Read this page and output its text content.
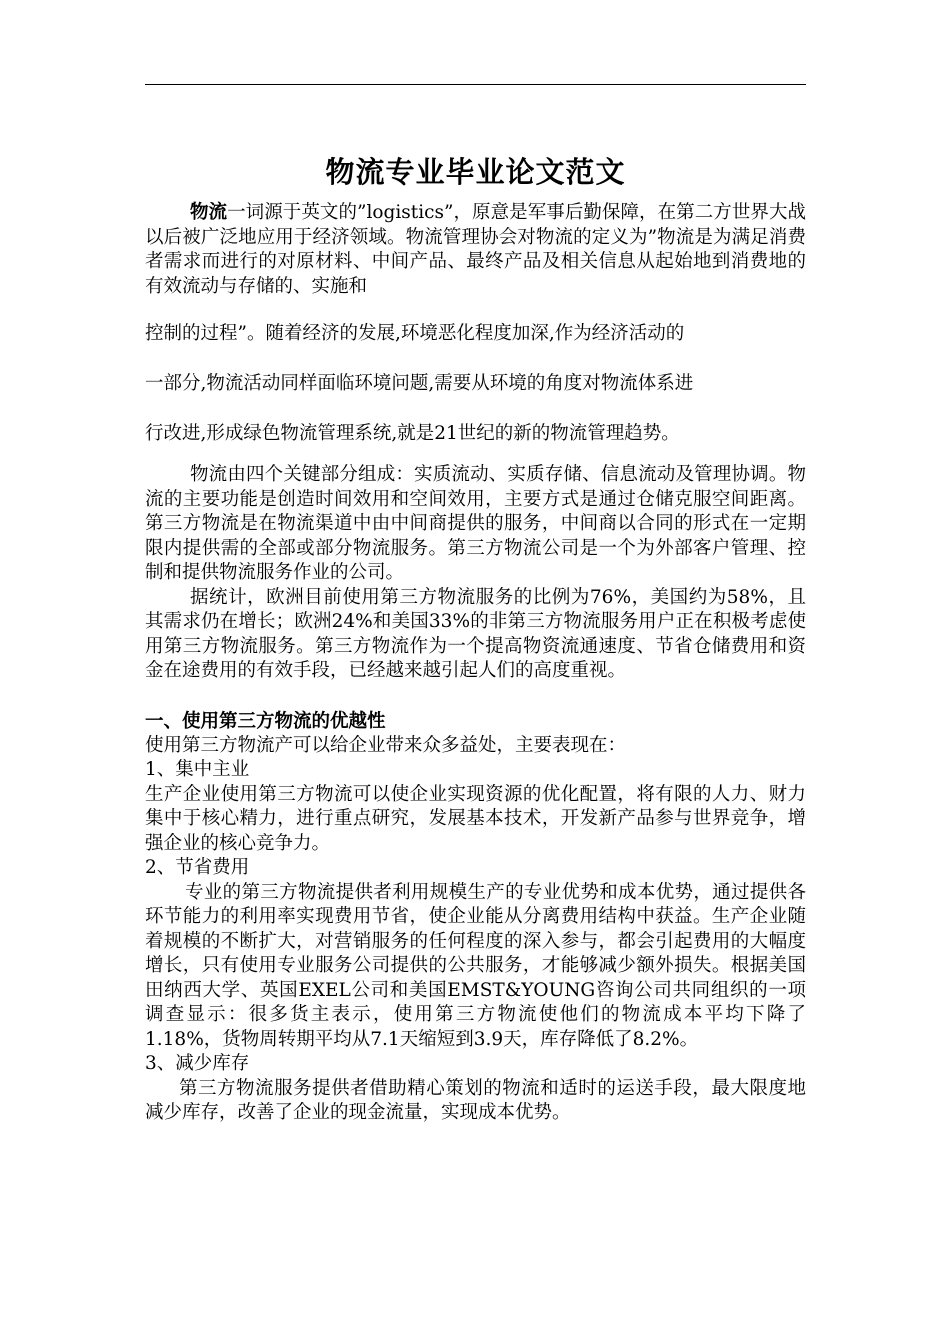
物流专业毕业论文范文

物流一词源于英文的”logistics”，原意是军事后勤保障，在第二方世界大战以后被广泛地应用于经济领域。物流管理协会对物流的定义为”物流是为满足消费者需求而进行的对原材料、中间产品、最终产品及相关信息从起始地到消费地的有效流动与存储的、实施和

控制的过程”。随着经济的发展,环境恶化程度加深,作为经济活动的

一部分,物流活动同样面临环境问题,需要从环境的角度对物流体系进

行改进,形成绿色物流管理系统,就是21世纪的新的物流管理趋势。

物流由四个关键部分组成：实质流动、实质存储、信息流动及管理协调。物流的主要功能是创造时间效用和空间效用，主要方式是通过仓储克服空间距离。第三方物流是在物流渠道中由中间商提供的服务，中间商以合同的形式在一定期限内提供需的全部或部分物流服务。第三方物流公司是一个为外部客户管理、控制和提供物流服务作业的公司。

据统计，欧洲目前使用第三方物流服务的比例为76%，美国约为58%，且其需求仍在增长；欧洲24%和美国33%的非第三方物流服务用户正在积极考虑使用第三方物流服务。第三方物流作为一个提高物资流通速度、节省仓储费用和资金在途费用的有效手段，已经越来越引起人们的高度重视。

一、使用第三方物流的优越性

使用第三方物流产可以给企业带来众多益处，主要表现在：

1、集中主业

生产企业使用第三方物流可以使企业实现资源的优化配置，将有限的人力、财力集中于核心精力，进行重点研究，发展基本技术，开发新产品参与世界竞争，增强企业的核心竞争力。

2、节省费用

专业的第三方物流提供者利用规模生产的专业优势和成本优势，通过提供各环节能力的利用率实现费用节省，使企业能从分离费用结构中获益。生产企业随着规模的不断扩大，对营销服务的任何程度的深入参与，都会引起费用的大幅度增长，只有使用专业服务公司提供的公共服务，才能够减少额外损失。根据美国田纳西大学、英国EXEL公司和美国EMST&YOUNG咨询公司共同组织的一项调查显示：很多货主表示，使用第三方物流使他们的物流成本平均下降了1.18%，货物周转期平均从7.1天缩短到3.9天，库存降低了8.2%。

3、减少库存

第三方物流服务提供者借助精心策划的物流和适时的运送手段，最大限度地减少库存，改善了企业的现金流量，实现成本优势。
